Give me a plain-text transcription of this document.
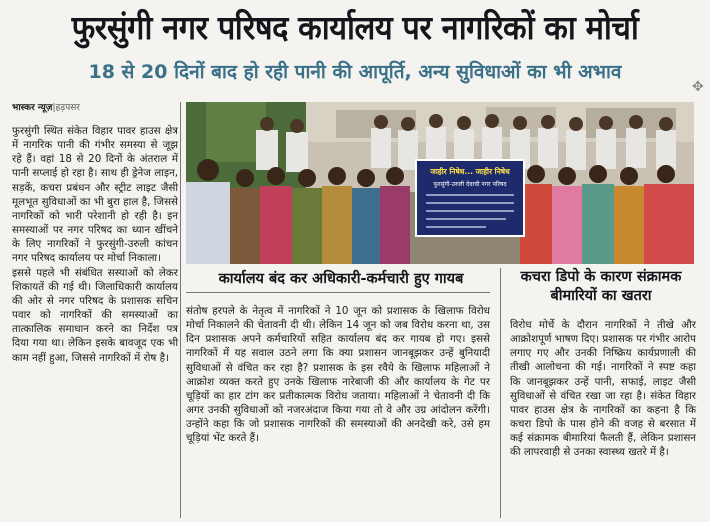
फुरसुंगी नगर परिषद कार्यालय पर नागरिकों का मोर्चा
18 से 20 दिनों बाद हो रही पानी की आपूर्ति, अन्य सुविधाओं का भी अभाव
भास्कर न्यूज़|हड़पसर

फुरसुंगी स्थित संकेत विहार पावर हाउस क्षेत्र में नागरिक पानी की गंभीर समस्या से जूझ रहे हैं। वहां 18 से 20 दिनों के अंतराल में पानी सप्लाई हो रहा है। साथ ही ड्रेनेज लाइन, सड़कें, कचरा प्रबंधन और स्ट्रीट लाइट जैसी मूलभूत सुविधाओं का भी बुरा हाल है, जिससे नागरिकों को भारी परेशानी हो रही है। इन समस्याओं पर नगर परिषद का ध्यान खींचने के लिए नागरिकों ने फुरसुंगी-उरुली कांचन नगर परिषद कार्यालय पर मोर्चा निकाला।

इससे पहले भी संबंधित सस्याओं को लेकर शिकायतें की गई थी। जिलाधिकारी कार्यालय की ओर से नगर परिषद के प्रशासक सचिन पवार को नागरिकों की समस्याओं का तात्कालिक समाधान करने का निर्देश पत्र दिया गया था। लेकिन इसके बावजूद एक भी काम नहीं हुआ, जिससे नागरिकों में रोष है।

जाहीर निषेध... जाहीर निषेध
फुरसुंगी-उरुली देवाची नगर परिषद
✥
कार्यालय बंद कर अधिकारी-कर्मचारी हुए गायब	कचरा डिपो के कारण संक्रामक बीमारियों का खतरा

संतोष हरपले के नेतृत्व में नागरिकों ने 10 जून को प्रशासक के खिलाफ विरोध मोर्चा निकालने की चेतावनी दी थी। लेकिन 14 जून को जब विरोध करना था, उस दिन प्रशासक अपने कर्मचारियों सहित कार्यालय बंद कर गायब हो गए। इससे नागरिकों में यह सवाल उठने लगा कि क्या प्रशासन जानबूझकर उन्हें बुनियादी सुविधाओं से वंचित कर रहा है? प्रशासक के इस रवैये के खिलाफ महिलाओं ने आक्रोश व्यक्त करते हुए उनके खिलाफ नारेबाजी की और कार्यालय के गेट पर चूड़ियों का हार टांग कर प्रतीकात्मक विरोध जताया। महिलाओं ने चेतावनी दी कि अगर उनकी सुविधाओं को नजरअंदाज किया गया तो वे और उग्र आंदोलन करेंगी। उन्होंने कहा कि जो प्रशासक नागरिकों की समस्याओं की अनदेखी करे, उसे हम चूड़ियां भेंट करते हैं।

विरोध मोर्चे के दौरान नागरिकों ने तीखे और आक्रोशपूर्ण भाषण दिए। प्रशासक पर गंभीर आरोप लगाए गए और उनकी निष्क्रिय कार्यप्रणाली की तीखी आलोचना की गई। नागरिकों ने स्पष्ट कहा कि जानबूझकर उन्हें पानी, सफाई, लाइट जैसी सुविधाओं से वंचित रखा जा रहा है। संकेत विहार पावर हाउस क्षेत्र के नागरिकों का कहना है कि कचरा डिपो के पास होने की वजह से बरसात में कई संक्रामक बीमारियां फैलती हैं, लेकिन प्रशासन की लापरवाही से उनका स्वास्थ्य खतरे में है।
